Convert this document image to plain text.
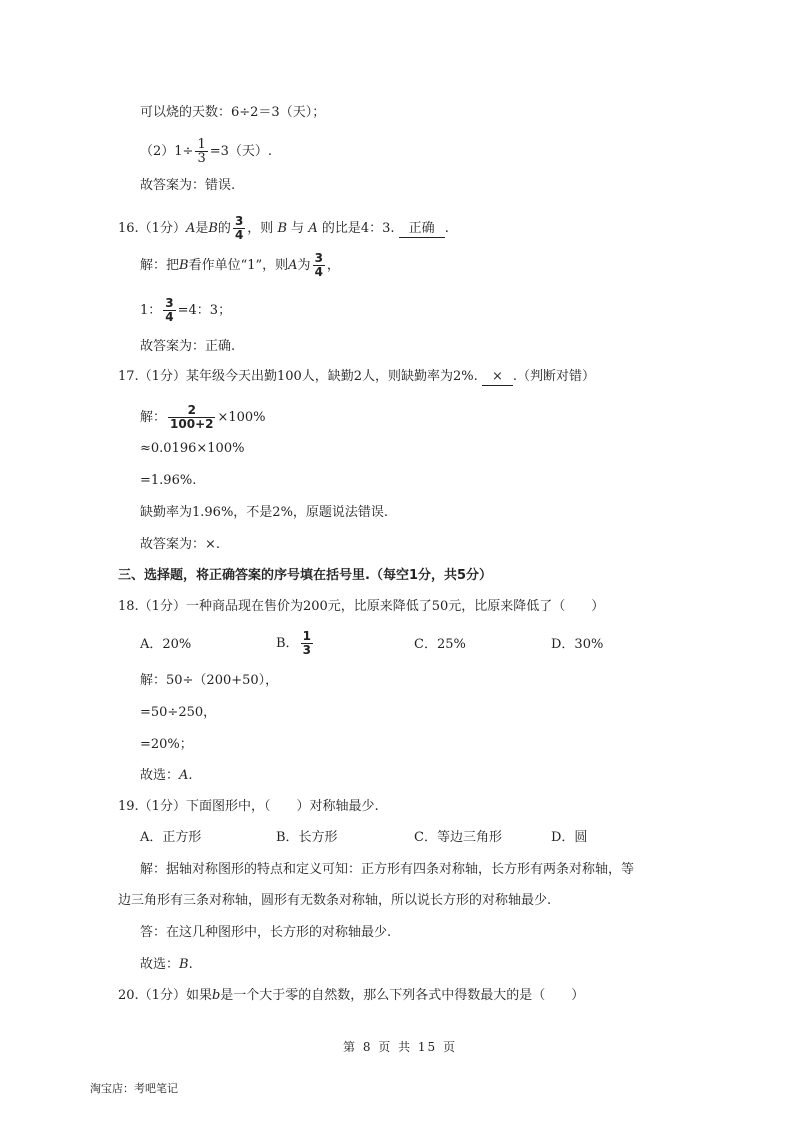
可以烧的天数：6÷2＝3（天）；
$(2)1\div \frac{1}{3} =3$（天）.
故答案为：错误.
16.（1分）A是B的 $\frac{3}{4}$ ，则 B 与 A 的比是4：3. 正确 .
解：把B看作单位“1”，则A为 $\frac{3}{4}$ ，
1： $\frac{3}{4} =4$：3；
故答案为：正确.
17.（1分）某年级今天出勤100人，缺勤2人，则缺勤率为2%. × .（判断对错）
解： $\frac{2}{100+2} \times 100\%$
≈0.0196×100%
=1.96%.
缺勤率为1.96%，不是2%，原题说法错误.
故答案为：×.
三、选择题，将正确答案的序号填在括号里.（每空1分，共5分）
18.（1分）一种商品现在售价为200元，比原来降低了50元，比原来降低了（　　）
A．20%	B． $\frac{1}{3}$	C．25%	D．30%
解：50÷（200+50），
=50÷250，
=20%；
故选：A.
19.（1分）下面图形中，（　　）对称轴最少.
A．正方形	B．长方形	C．等边三角形	D．圆
解：据轴对称图形的特点和定义可知：正方形有四条对称轴，长方形有两条对称轴，等
边三角形有三条对称轴，圆形有无数条对称轴，所以说长方形的对称轴最少.
答：在这几种图形中，长方形的对称轴最少.
故选：B.
20.（1分）如果b是一个大于零的自然数，那么下列各式中得数最大的是（　　）
第 8 页 共 15 页
淘宝店：考吧笔记
